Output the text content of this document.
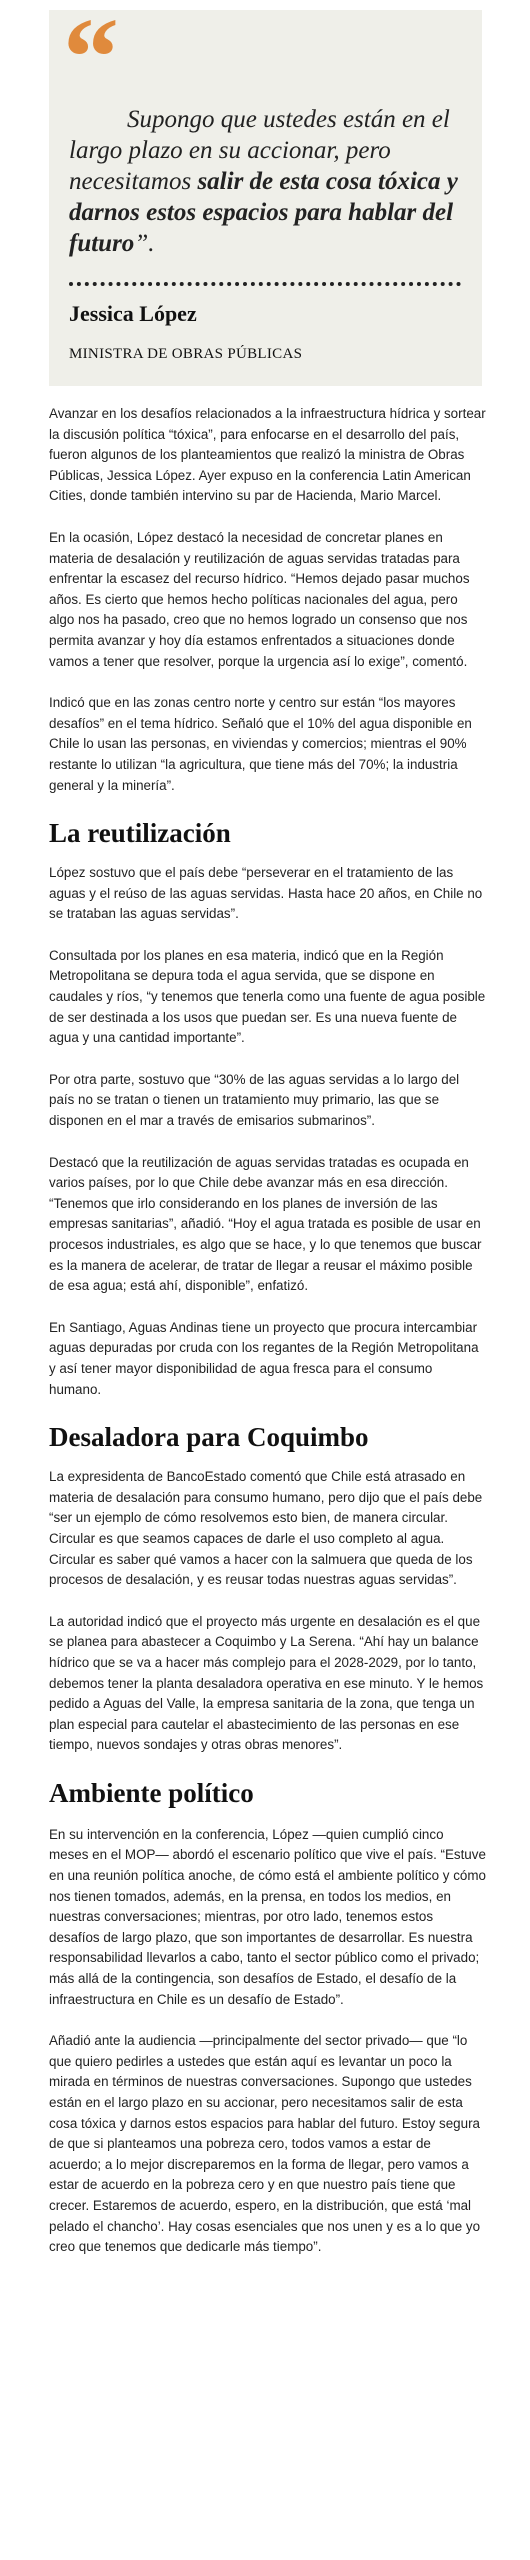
“ Supongo que ustedes están en el largo plazo en su accionar, pero necesitamos salir de esta cosa tóxica y darnos estos espacios para hablar del futuro”.
Jessica López
MINISTRA DE OBRAS PÚBLICAS

Avanzar en los desafíos relacionados a la infraestructura hídrica y sortear la discusión política “tóxica”, para enfocarse en el desarrollo del país, fueron algunos de los planteamientos que realizó la ministra de Obras Públicas, Jessica López. Ayer expuso en la conferencia Latin American Cities, donde también intervino su par de Hacienda, Mario Marcel.

En la ocasión, López destacó la necesidad de concretar planes en materia de desalación y reutilización de aguas servidas tratadas para enfrentar la escasez del recurso hídrico. “Hemos dejado pasar muchos años. Es cierto que hemos hecho políticas nacionales del agua, pero algo nos ha pasado, creo que no hemos logrado un consenso que nos permita avanzar y hoy día estamos enfrentados a situaciones donde vamos a tener que resolver, porque la urgencia así lo exige”, comentó.

Indicó que en las zonas centro norte y centro sur están “los mayores desafíos” en el tema hídrico. Señaló que el 10% del agua disponible en Chile lo usan las personas, en viviendas y comercios; mientras el 90% restante lo utilizan “la agricultura, que tiene más del 70%; la industria general y la minería”.

La reutilización

López sostuvo que el país debe “perseverar en el tratamiento de las aguas y el reúso de las aguas servidas. Hasta hace 20 años, en Chile no se trataban las aguas servidas”.

Consultada por los planes en esa materia, indicó que en la Región Metropolitana se depura toda el agua servida, que se dispone en caudales y ríos, “y tenemos que tenerla como una fuente de agua posible de ser destinada a los usos que puedan ser. Es una nueva fuente de agua y una cantidad importante”.

Por otra parte, sostuvo que “30% de las aguas servidas a lo largo del país no se tratan o tienen un tratamiento muy primario, las que se disponen en el mar a través de emisarios submarinos”.

Destacó que la reutilización de aguas servidas tratadas es ocupada en varios países, por lo que Chile debe avanzar más en esa dirección. “Tenemos que irlo considerando en los planes de inversión de las empresas sanitarias”, añadió. “Hoy el agua tratada es posible de usar en procesos industriales, es algo que se hace, y lo que tenemos que buscar es la manera de acelerar, de tratar de llegar a reusar el máximo posible de esa agua; está ahí, disponible”, enfatizó.

En Santiago, Aguas Andinas tiene un proyecto que procura intercambiar aguas depuradas por cruda con los regantes de la Región Metropolitana y así tener mayor disponibilidad de agua fresca para el consumo humano.

Desaladora para Coquimbo

La expresidenta de BancoEstado comentó que Chile está atrasado en materia de desalación para consumo humano, pero dijo que el país debe “ser un ejemplo de cómo resolvemos esto bien, de manera circular. Circular es que seamos capaces de darle el uso completo al agua. Circular es saber qué vamos a hacer con la salmuera que queda de los procesos de desalación, y es reusar todas nuestras aguas servidas”.

La autoridad indicó que el proyecto más urgente en desalación es el que se planea para abastecer a Coquimbo y La Serena. “Ahí hay un balance hídrico que se va a hacer más complejo para el 2028-2029, por lo tanto, debemos tener la planta desaladora operativa en ese minuto. Y le hemos pedido a Aguas del Valle, la empresa sanitaria de la zona, que tenga un plan especial para cautelar el abastecimiento de las personas en ese tiempo, nuevos sondajes y otras obras menores”.

Ambiente político

En su intervención en la conferencia, López —quien cumplió cinco meses en el MOP— abordó el escenario político que vive el país. “Estuve en una reunión política anoche, de cómo está el ambiente político y cómo nos tienen tomados, además, en la prensa, en todos los medios, en nuestras conversaciones; mientras, por otro lado, tenemos estos desafíos de largo plazo, que son importantes de desarrollar. Es nuestra responsabilidad llevarlos a cabo, tanto el sector público como el privado; más allá de la contingencia, son desafíos de Estado, el desafío de la infraestructura en Chile es un desafío de Estado”.

Añadió ante la audiencia —principalmente del sector privado— que “lo que quiero pedirles a ustedes que están aquí es levantar un poco la mirada en términos de nuestras conversaciones. Supongo que ustedes están en el largo plazo en su accionar, pero necesitamos salir de esta cosa tóxica y darnos estos espacios para hablar del futuro. Estoy segura de que si planteamos una pobreza cero, todos vamos a estar de acuerdo; a lo mejor discreparemos en la forma de llegar, pero vamos a estar de acuerdo en la pobreza cero y en que nuestro país tiene que crecer. Estaremos de acuerdo, espero, en la distribución, que está ‘mal pelado el chancho’. Hay cosas esenciales que nos unen y es a lo que yo creo que tenemos que dedicarle más tiempo”.
